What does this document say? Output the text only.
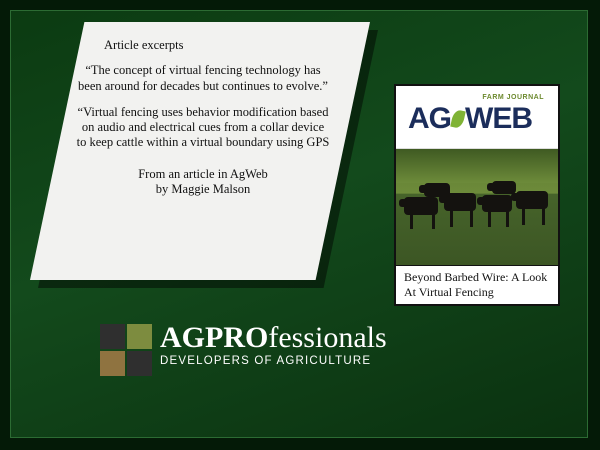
Article excerpts

“The concept of virtual fencing technology has been around for decades but continues to evolve.”

“Virtual fencing uses behavior modification based on audio and electrical cues from a collar device to keep cattle within a virtual boundary using GPS

From an article in AgWeb
by Maggie Malson
FARM JOURNAL
AG WEB
Beyond Barbed Wire: A Look At Virtual Fencing
AGPROfessionals
DEVELOPERS OF AGRICULTURE
